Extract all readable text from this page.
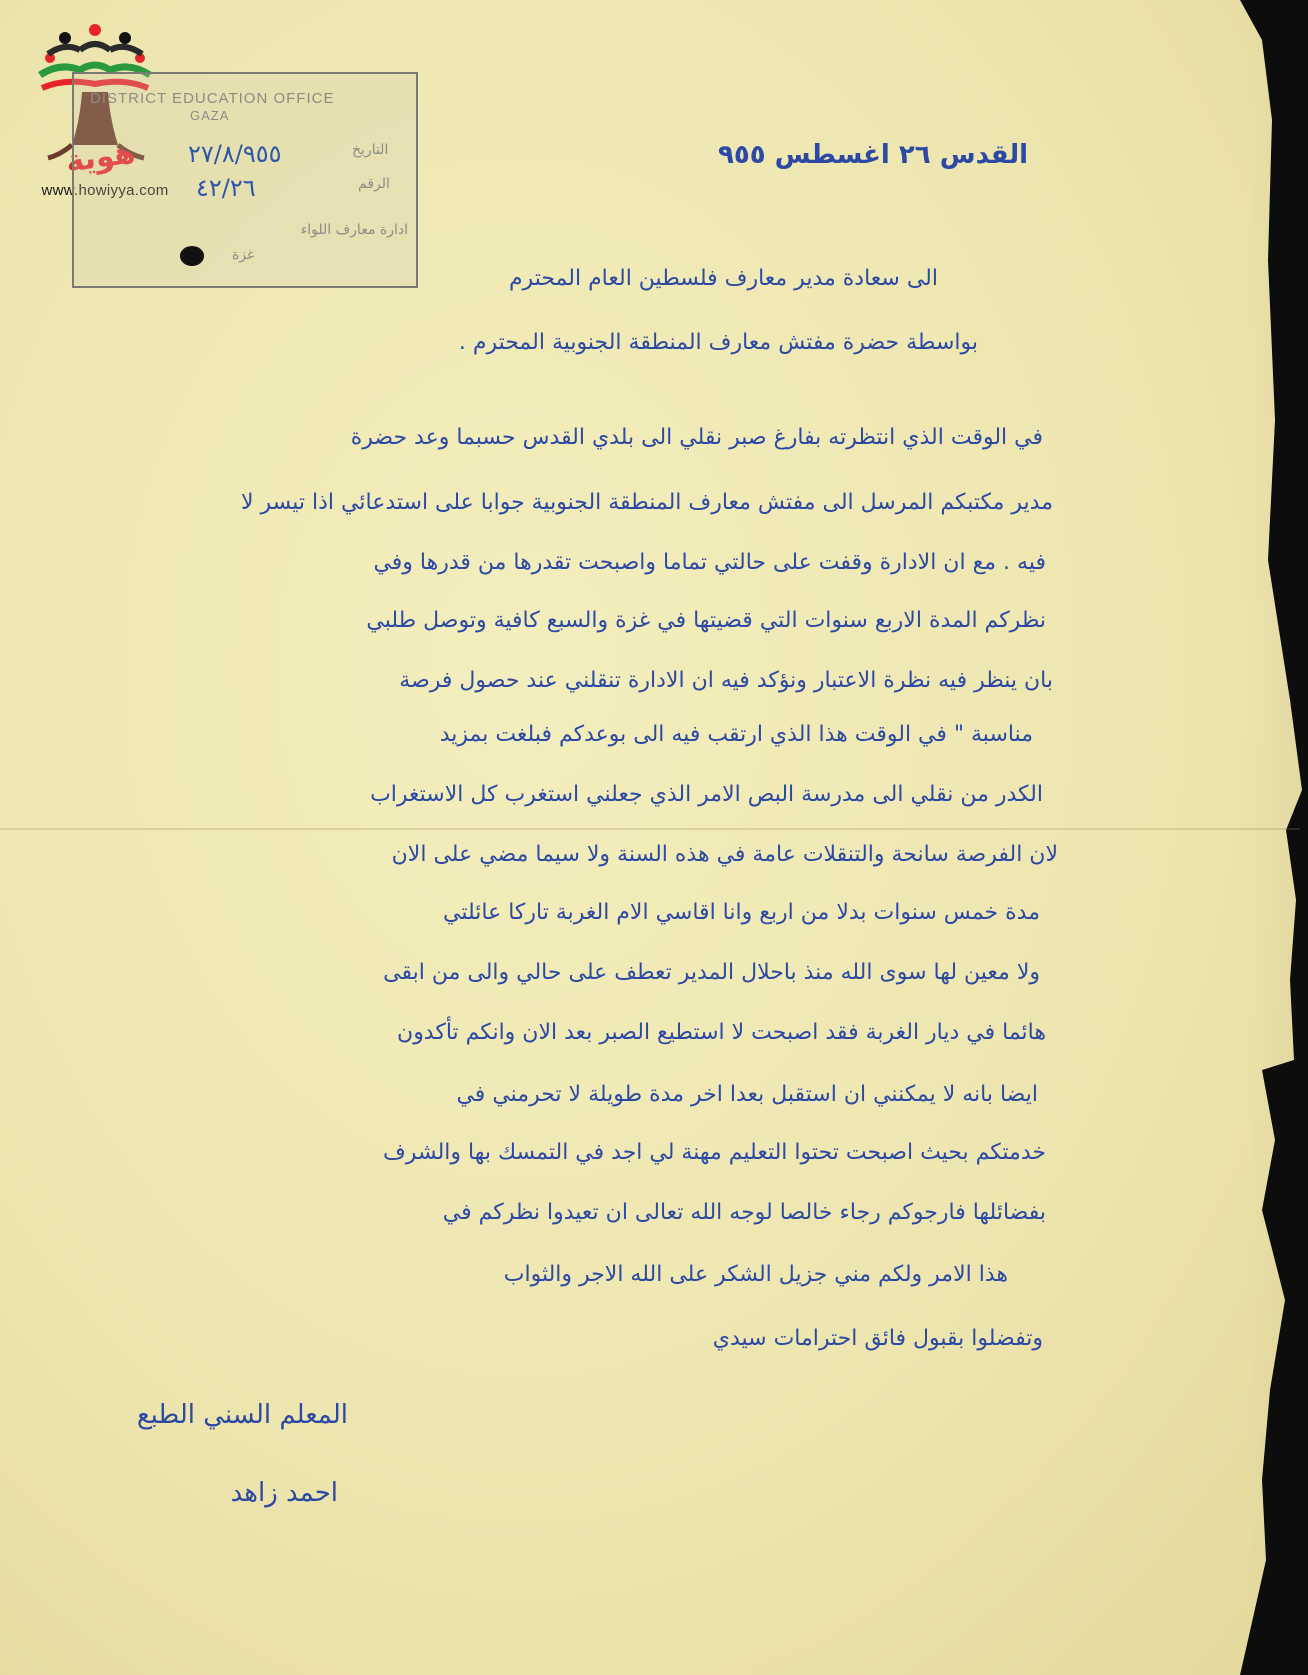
هوية
www.howiyya.com
DISTRICT EDUCATION OFFICE
GAZA
التاريخ
الرقم
٢٧/٨/٩٥٥
٤٢/٢٦
ادارة معارف اللواء
غزة
القدس ٢٦ اغسطس ٩٥٥
الى سعادة مدير معارف فلسطين العام المحترم
بواسطة حضرة مفتش معارف المنطقة الجنوبية المحترم .
في الوقت الذي انتظرته بفارغ صبر نقلي الى بلدي القدس حسبما وعد حضرة
مدير مكتبكم المرسل الى مفتش معارف المنطقة الجنوبية جوابا على استدعائي اذا تيسر لا
فيه . مع ان الادارة وقفت على حالتي تماما واصبحت تقدرها من قدرها وفي
نظركم المدة الاربع سنوات التي قضيتها في غزة والسبع كافية وتوصل طلبي
بان ينظر فيه نظرة الاعتبار ونؤكد فيه ان الادارة تنقلني عند حصول فرصة
مناسبة " في الوقت هذا الذي ارتقب فيه الى بوعدكم فبلغت بمزيد
الكدر من نقلي الى مدرسة البص الامر الذي جعلني استغرب كل الاستغراب
لان الفرصة سانحة والتنقلات عامة في هذه السنة ولا سيما مضي على الان
مدة خمس سنوات بدلا من اربع وانا اقاسي الام الغربة تاركا عائلتي
ولا معين لها سوى الله منذ باحلال المدير تعطف على حالي والى من ابقى
هائما في ديار الغربة فقد اصبحت لا استطيع الصبر بعد الان وانكم تأكدون
ايضا بانه لا يمكنني ان استقبل بعدا اخر مدة طويلة لا تحرمني في
خدمتكم بحيث اصبحت تحتوا التعليم مهنة لي اجد في التمسك بها والشرف
بفضائلها فارجوكم رجاء خالصا لوجه الله تعالى ان تعيدوا نظركم في
هذا الامر ولكم مني جزيل الشكر على الله الاجر والثواب
وتفضلوا بقبول فائق احترامات سيدي
المعلم السني الطبع
احمد زاهد
